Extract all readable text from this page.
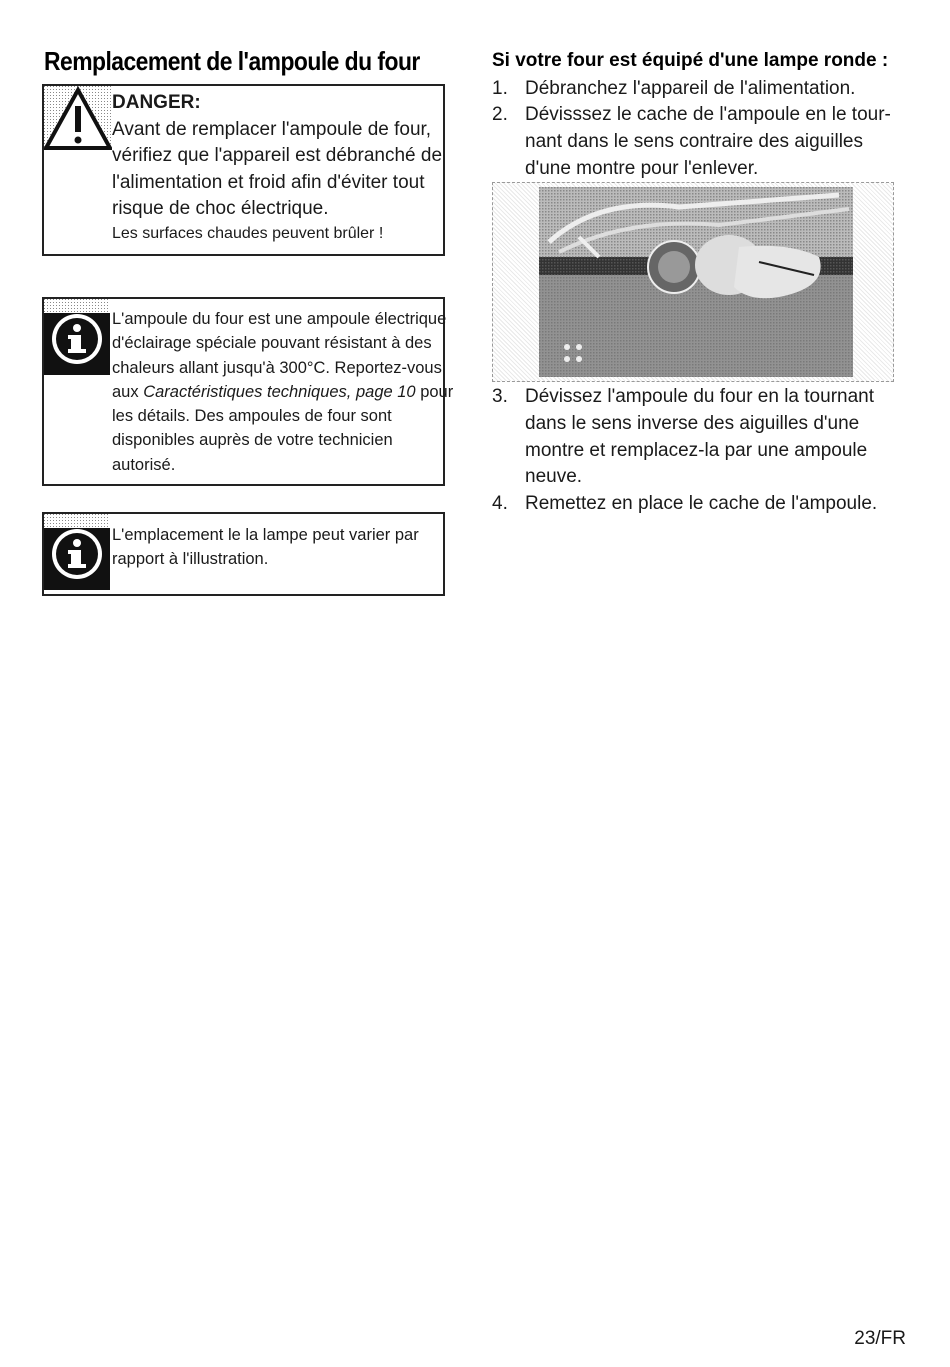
Remplacement de l'ampoule du four
DANGER:
Avant de remplacer l'ampoule de four, vérifiez que l'appareil est débranché de l'alimentation et froid afin d'éviter tout risque de choc électrique.
Les surfaces chaudes peuvent brûler !
L'ampoule du four est une ampoule électrique d'éclairage spéciale pouvant résistant à des chaleurs allant jusqu'à 300°C. Reportez-vous aux Caractéristiques techniques, page 10 pour les détails. Des ampoules de four sont disponibles auprès de votre technicien autorisé.
L'emplacement le la lampe peut varier par rapport à l'illustration.
Si votre four est équipé d'une lampe ronde :
1. Débranchez l'appareil de l'alimentation.
2. Dévisssez le cache de l'ampoule en le tour-nant dans le sens contraire des aiguilles d'une montre pour l'enlever.
3. Dévissez l'ampoule du four en la tournant dans le sens inverse des aiguilles d'une montre et remplacez-la par une ampoule neuve.
4. Remettez en place le cache de l'ampoule.
23/FR
